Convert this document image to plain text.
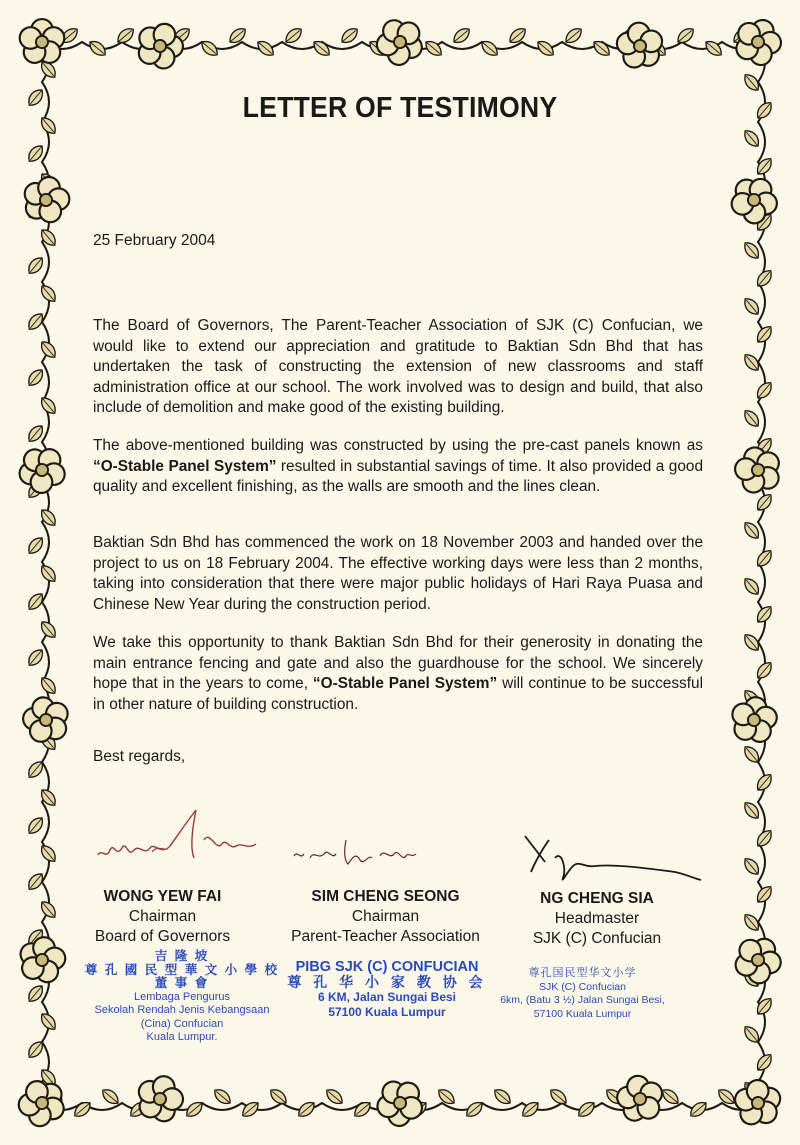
LETTER OF TESTIMONY
25 February 2004
The Board of Governors, The Parent-Teacher Association of SJK (C) Confucian, we would like to extend our appreciation and gratitude to Baktian Sdn Bhd that has undertaken the task of constructing the extension of new classrooms and staff administration office at our school. The work involved was to design and build, that also include of demolition and make good of the existing building.
The above-mentioned building was constructed by using the pre-cast panels known as “O-Stable Panel System” resulted in substantial savings of time. It also provided a good quality and excellent finishing, as the walls are smooth and the lines clean.
Baktian Sdn Bhd has commenced the work on 18 November 2003 and handed over the project to us on 18 February 2004. The effective working days were less than 2 months, taking into consideration that there were major public holidays of Hari Raya Puasa and Chinese New Year during the construction period.
We take this opportunity to thank Baktian Sdn Bhd for their generosity in donating the main entrance fencing and gate and also the guardhouse for the school. We sincerely hope that in the years to come, “O-Stable Panel System” will continue to be successful in other nature of building construction.
Best regards,
WONG YEW FAI
Chairman
Board of Governors
SIM CHENG SEONG
Chairman
Parent-Teacher Association
NG CHENG SIA
Headmaster
SJK (C) Confucian
吉 隆 坡
尊 孔 國 民 型 華 文 小 學 校
董 事 會
Lembaga Pengurus
Sekolah Rendah Jenis Kebangsaan
(Cina) Confucian
Kuala Lumpur.
PIBG SJK (C) CONFUCIAN
尊 孔 华 小 家 教 协 会
6 KM, Jalan Sungai Besi
57100 Kuala Lumpur
尊孔国民型华文小学
SJK (C) Confucian
6km, (Batu 3 ½) Jalan Sungai Besi,
57100 Kuala Lumpur
